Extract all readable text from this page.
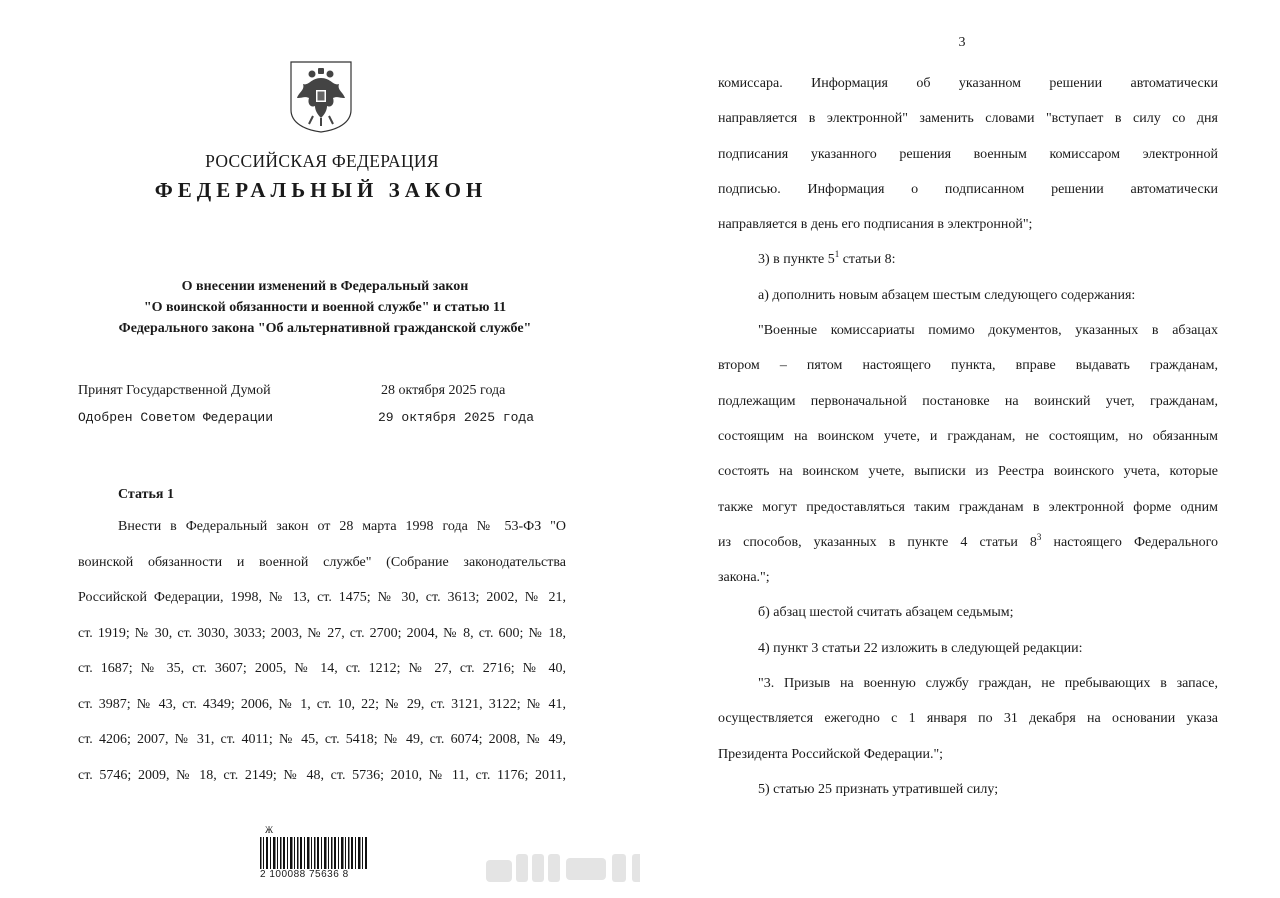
РОССИЙСКАЯ ФЕДЕРАЦИЯ
ФЕДЕРАЛЬНЫЙ ЗАКОН
О внесении изменений в Федеральный закон
"О воинской обязанности и военной службе" и статью 11
Федерального закона "Об альтернативной гражданской службе"
Принят Государственной Думой	28 октября 2025 года
Одобрен Советом Федерации	29 октября 2025 года
Статья 1
Внести в Федеральный закон от 28 марта 1998 года № 53-ФЗ "О
воинской обязанности и военной службе" (Собрание законодательства
Российской Федерации, 1998, № 13, ст. 1475; № 30, ст. 3613; 2002, № 21,
ст. 1919; № 30, ст. 3030, 3033; 2003, № 27, ст. 2700; 2004, № 8, ст. 600; № 18,
ст. 1687; № 35, ст. 3607; 2005, № 14, ст. 1212; № 27, ст. 2716; № 40,
ст. 3987; № 43, ст. 4349; 2006, № 1, ст. 10, 22; № 29, ст. 3121, 3122; № 41,
ст. 4206; 2007, № 31, ст. 4011; № 45, ст. 5418; № 49, ст. 6074; 2008, № 49,
ст. 5746; 2009, № 18, ст. 2149; № 48, ст. 5736; 2010, № 11, ст. 1176; 2011,
Ж
2 100088 75636 8
3
комиссара. Информация об указанном решении автоматически
направляется в электронной" заменить словами "вступает в силу со дня
подписания указанного решения военным комиссаром электронной
подписью. Информация о подписанном решении автоматически
направляется в день его подписания в электронной";
3) в пункте $5^1$ статьи 8:
а) дополнить новым абзацем шестым следующего содержания:
"Военные комиссариаты помимо документов, указанных в абзацах
втором – пятом настоящего пункта, вправе выдавать гражданам,
подлежащим первоначальной постановке на воинский учет, гражданам,
состоящим на воинском учете, и гражданам, не состоящим, но обязанным
состоять на воинском учете, выписки из Реестра воинского учета, которые
также могут предоставляться таким гражданам в электронной форме одним
из способов, указанных в пункте 4 статьи $8^3$ настоящего Федерального
закона.";
б) абзац шестой считать абзацем седьмым;
4) пункт 3 статьи 22 изложить в следующей редакции:
"3. Призыв на военную службу граждан, не пребывающих в запасе,
осуществляется ежегодно с 1 января по 31 декабря на основании указа
Президента Российской Федерации.";
5) статью 25 признать утратившей силу;
